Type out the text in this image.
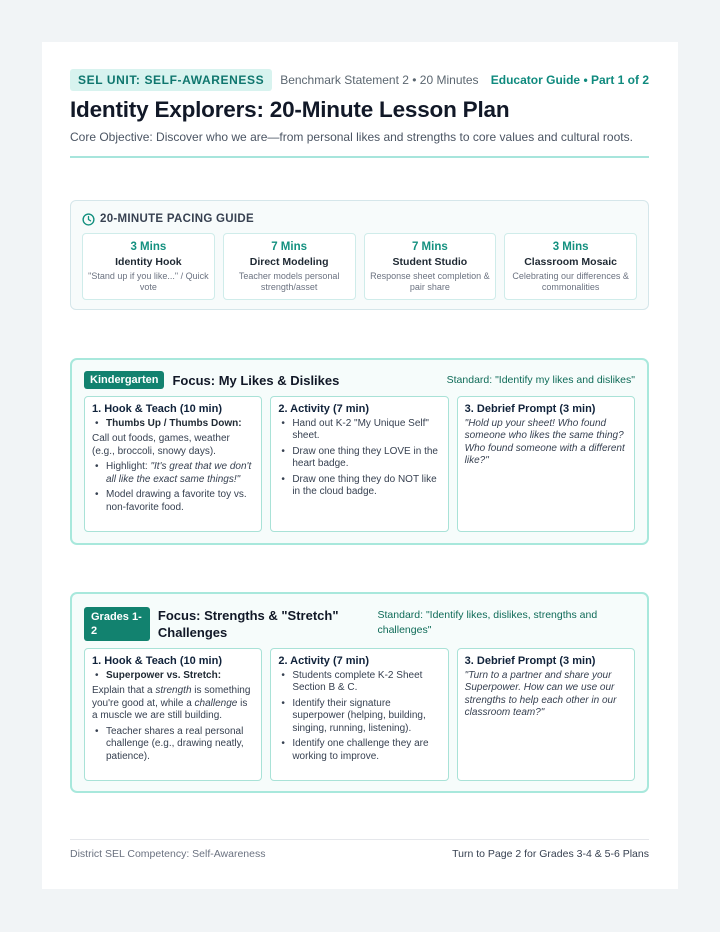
SEL UNIT: SELF-AWARENESS	Benchmark Statement 2 • 20 Minutes Educator Guide • Part 1 of 2
Identity Explorers: 20-Minute Lesson Plan

Core Objective: Discover who we are—from personal likes and strengths to core values and cultural roots.

20-MINUTE PACING GUIDE
3 Mins
Identity Hook
"Stand up if you like..." / Quick vote
7 Mins
Direct Modeling
Teacher models personal strength/asset
7 Mins
Student Studio
Response sheet completion & pair share
3 Mins
Classroom Mosaic
Celebrating our differences & commonalities
Kindergarten	Focus: My Likes & Dislikes	Standard: "Identify my likes and dislikes"
1. Hook & Teach (10 min)
• Thumbs Up / Thumbs Down:
Call out foods, games, weather (e.g., broccoli, snowy days).
• Highlight: "It's great that we don't all like the exact same things!"
• Model drawing a favorite toy vs. non-favorite food.
2. Activity (7 min)
• Hand out K-2 "My Unique Self" sheet.
• Draw one thing they LOVE in the heart badge.
• Draw one thing they do NOT like in the cloud badge.
3. Debrief Prompt (3 min)

"Hold up your sheet! Who found someone who likes the same thing? Who found someone with a different like?"

Grades 1-2
Focus: Strengths & "Stretch" Challenges
Standard: "Identify likes, dislikes, strengths and challenges"
1. Hook & Teach (10 min)
• Superpower vs. Stretch:
Explain that a strength is something you're good at, while a challenge is a muscle we are still building.
• Teacher shares a real personal challenge (e.g., drawing neatly, patience).
2. Activity (7 min)
• Students complete K-2 Sheet Section B & C.
• Identify their signature superpower (helping, building, singing, running, listening).
• Identify one challenge they are working to improve.
3. Debrief Prompt (3 min)

"Turn to a partner and share your Superpower. How can we use our strengths to help each other in our classroom team?"

District SEL Competency: Self-Awareness	Turn to Page 2 for Grades 3-4 & 5-6 Plans
